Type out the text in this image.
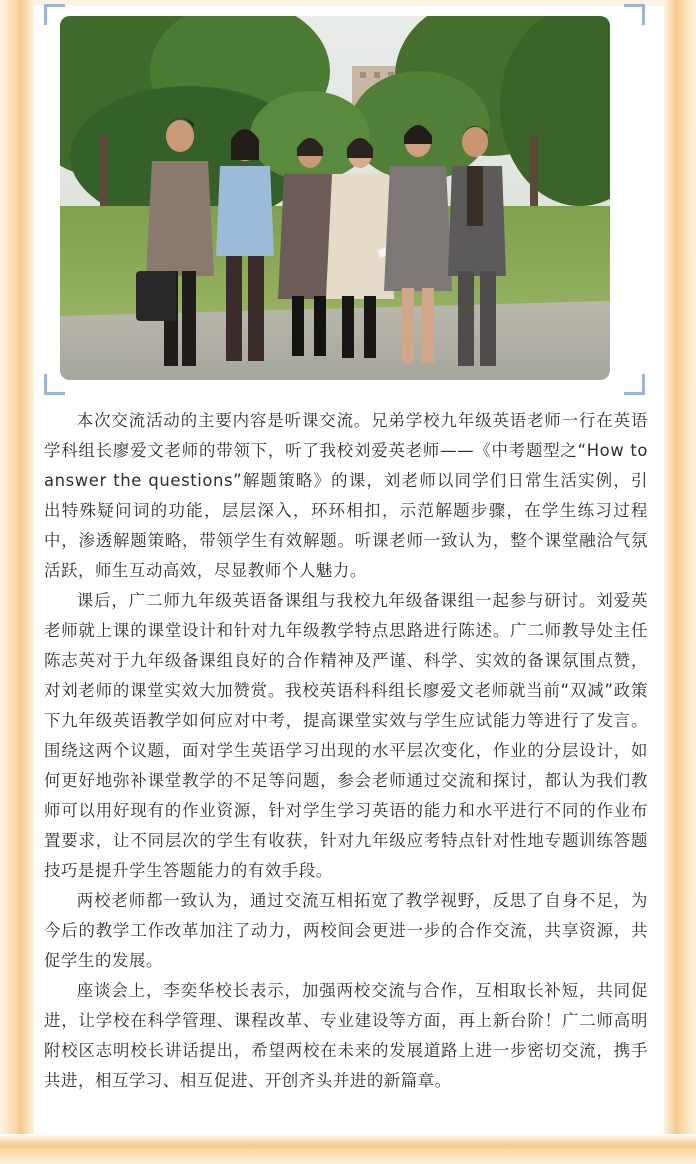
本次交流活动的主要内容是听课交流。兄弟学校九年级英语老师一行在英语学科组长廖爱文老师的带领下，听了我校刘爱英老师——《中考题型之“How to answer the questions”解题策略》的课，刘老师以同学们日常生活实例，引出特殊疑问词的功能，层层深入，环环相扣，示范解题步骤，在学生练习过程中，渗透解题策略，带领学生有效解题。听课老师一致认为，整个课堂融洽气氛活跃，师生互动高效，尽显教师个人魅力。

课后，广二师九年级英语备课组与我校九年级备课组一起参与研讨。刘爱英老师就上课的课堂设计和针对九年级教学特点思路进行陈述。广二师教导处主任陈志英对于九年级备课组良好的合作精神及严谨、科学、实效的备课氛围点赞，对刘老师的课堂实效大加赞赏。我校英语科科组长廖爱文老师就当前“双减”政策下九年级英语教学如何应对中考，提高课堂实效与学生应试能力等进行了发言。围绕这两个议题，面对学生英语学习出现的水平层次变化，作业的分层设计，如何更好地弥补课堂教学的不足等问题，参会老师通过交流和探讨，都认为我们教师可以用好现有的作业资源，针对学生学习英语的能力和水平进行不同的作业布置要求，让不同层次的学生有收获，针对九年级应考特点针对性地专题训练答题技巧是提升学生答题能力的有效手段。

两校老师都一致认为，通过交流互相拓宽了教学视野，反思了自身不足，为今后的教学工作改革加注了动力，两校间会更进一步的合作交流，共享资源，共促学生的发展。

座谈会上，李奕华校长表示，加强两校交流与合作，互相取长补短，共同促进，让学校在科学管理、课程改革、专业建设等方面，再上新台阶！广二师高明附校区志明校长讲话提出，希望两校在未来的发展道路上进一步密切交流，携手共进，相互学习、相互促进、开创齐头并进的新篇章。
